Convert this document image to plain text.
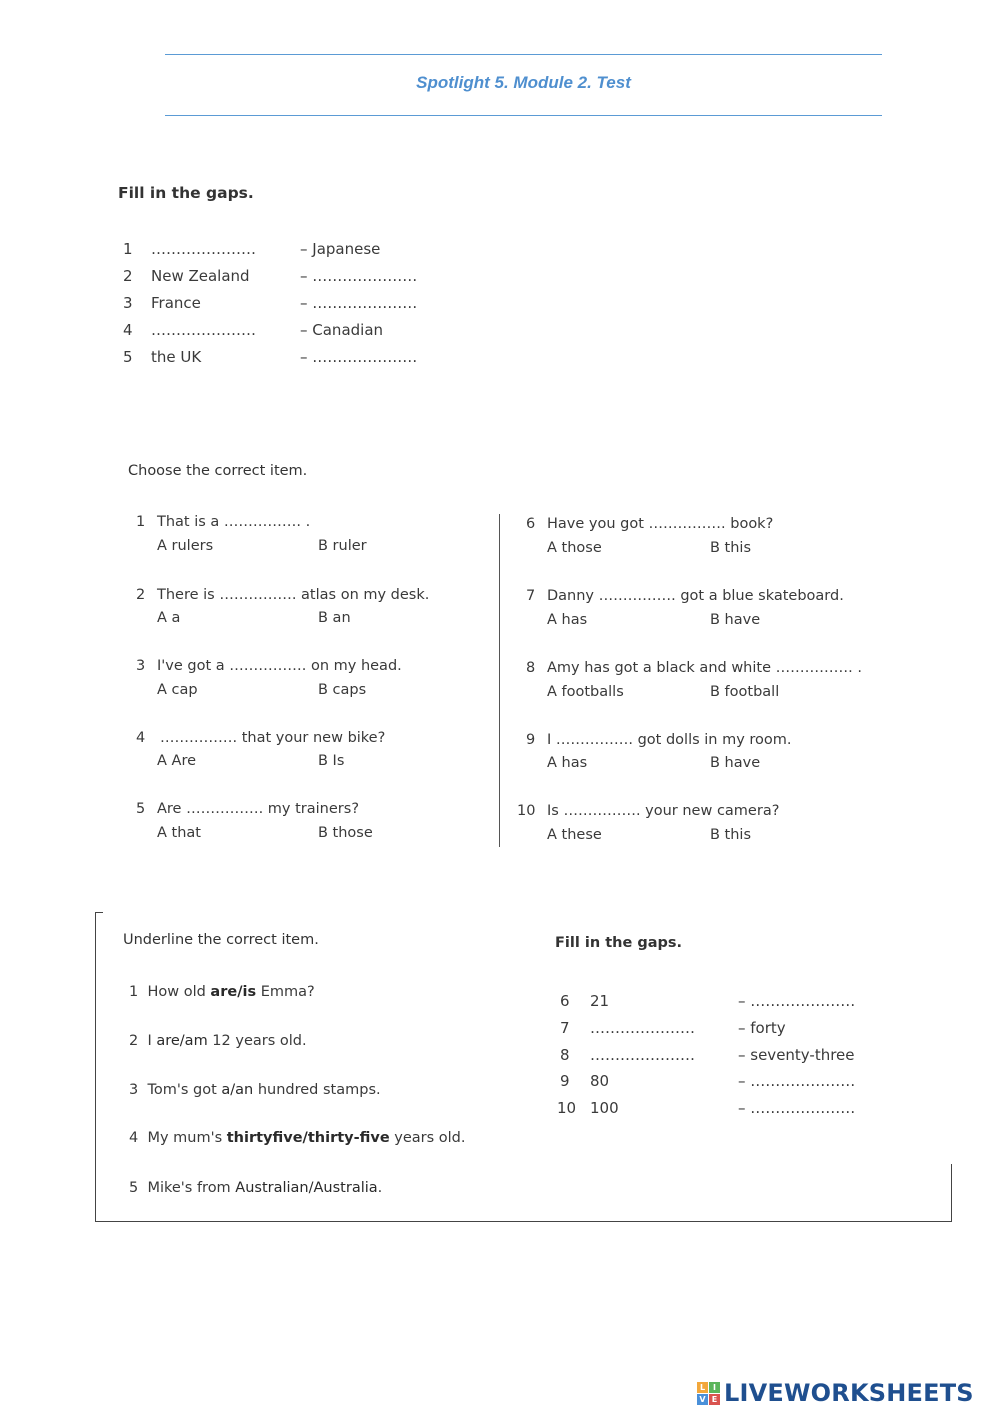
Spotlight 5. Module 2. Test
Fill in the gaps.
1 …………………	– Japanese
2 New Zealand	– …………………
3 France	– …………………
4 …………………	– Canadian
5 the UK	– …………………
Choose the correct item.
1 That is a ……………. .
A rulers	B ruler
2 There is ……………. atlas on my desk.
A a	B an
3 I've got a ……………. on my head.
A cap	B caps
4 ……………. that your new bike?
A Are	B Is
5 Are ……………. my trainers?
A that	B those
6 Have you got ……………. book?
A those	B this
7 Danny ……………. got a blue skateboard.
A has	B have
8 Amy has got a black and white ……………. .
A footballs	B football
9 I ……………. got dolls in my room.
A has	B have
10 Is ……………. your new camera?
A these	B this
Underline the correct item.
1 How old are/is Emma?
2 I are/am 12 years old.
3 Tom's got a/an hundred stamps.
4 My mum's thirtyfive/thirty-five years old.
5 Mike's from Australian/Australia.
Fill in the gaps.
6 21	– …………………
7 …………………	– forty
8 …………………	– seventy-three
9 80	– …………………
10 100	– …………………
L I
V E LIVEWORKSHEETS
